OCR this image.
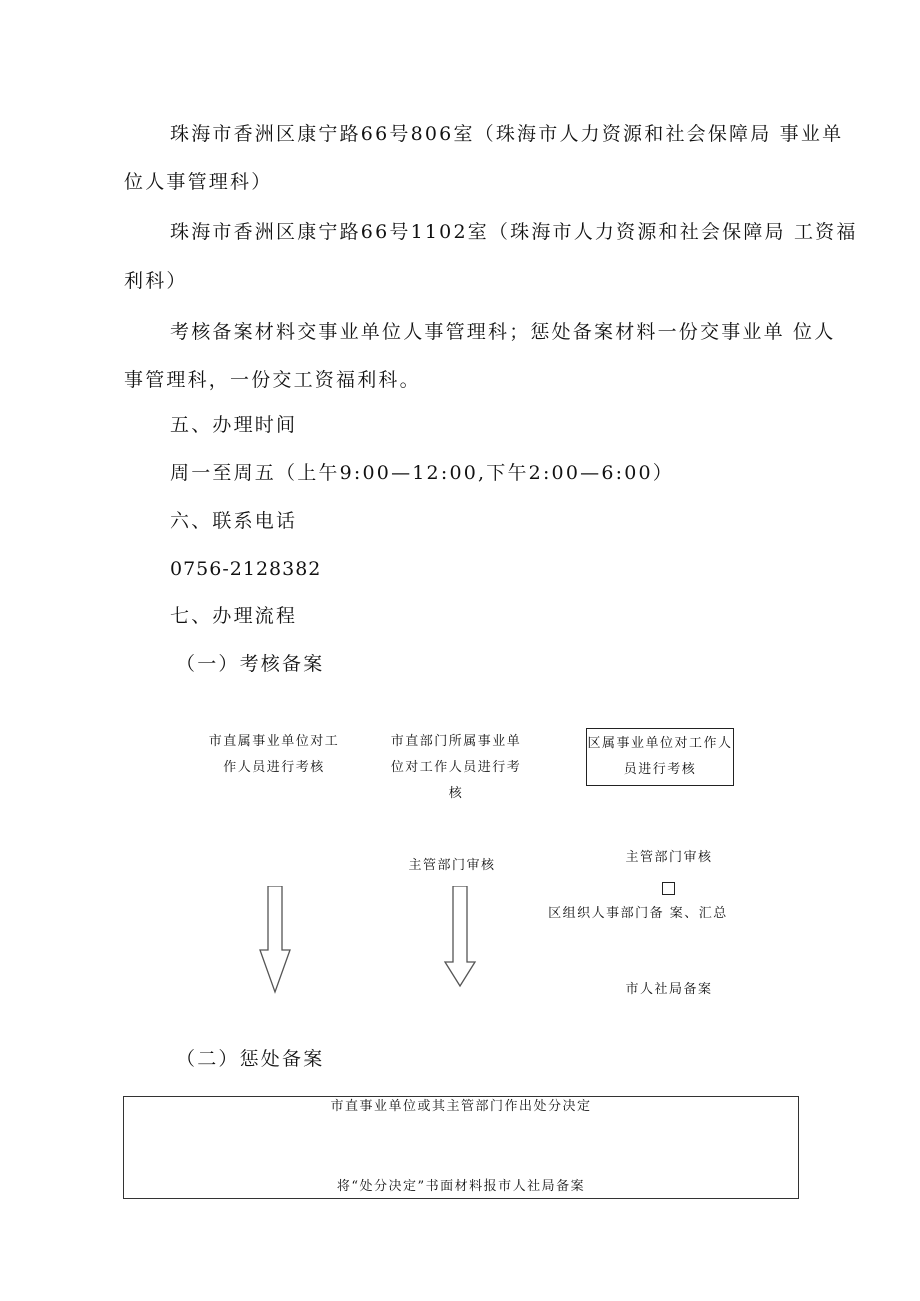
珠海市香洲区康宁路66号806室（珠海市人力资源和社会保障局 事业单
位人事管理科）
珠海市香洲区康宁路66号1102室（珠海市人力资源和社会保障局 工资福
利科）
考核备案材料交事业单位人事管理科；惩处备案材料一份交事业单 位人
事管理科，一份交工资福利科。
五、办理时间
周一至周五（上午9:00—12:00,下午2:00—6:00）
六、联系电话
0756-2128382
七、办理流程
（一）考核备案
市直属事业单位对工作人员进行考核
市直部门所属事业单位对工作人员进行考核
主管部门审核
区属事业单位对工作人员进行考核
主管部门审核
区组织人事部门备 案、汇总
市人社局备案
（二）惩处备案
市直事业单位或其主管部门作出处分决定
将“处分决定”书面材料报市人社局备案
